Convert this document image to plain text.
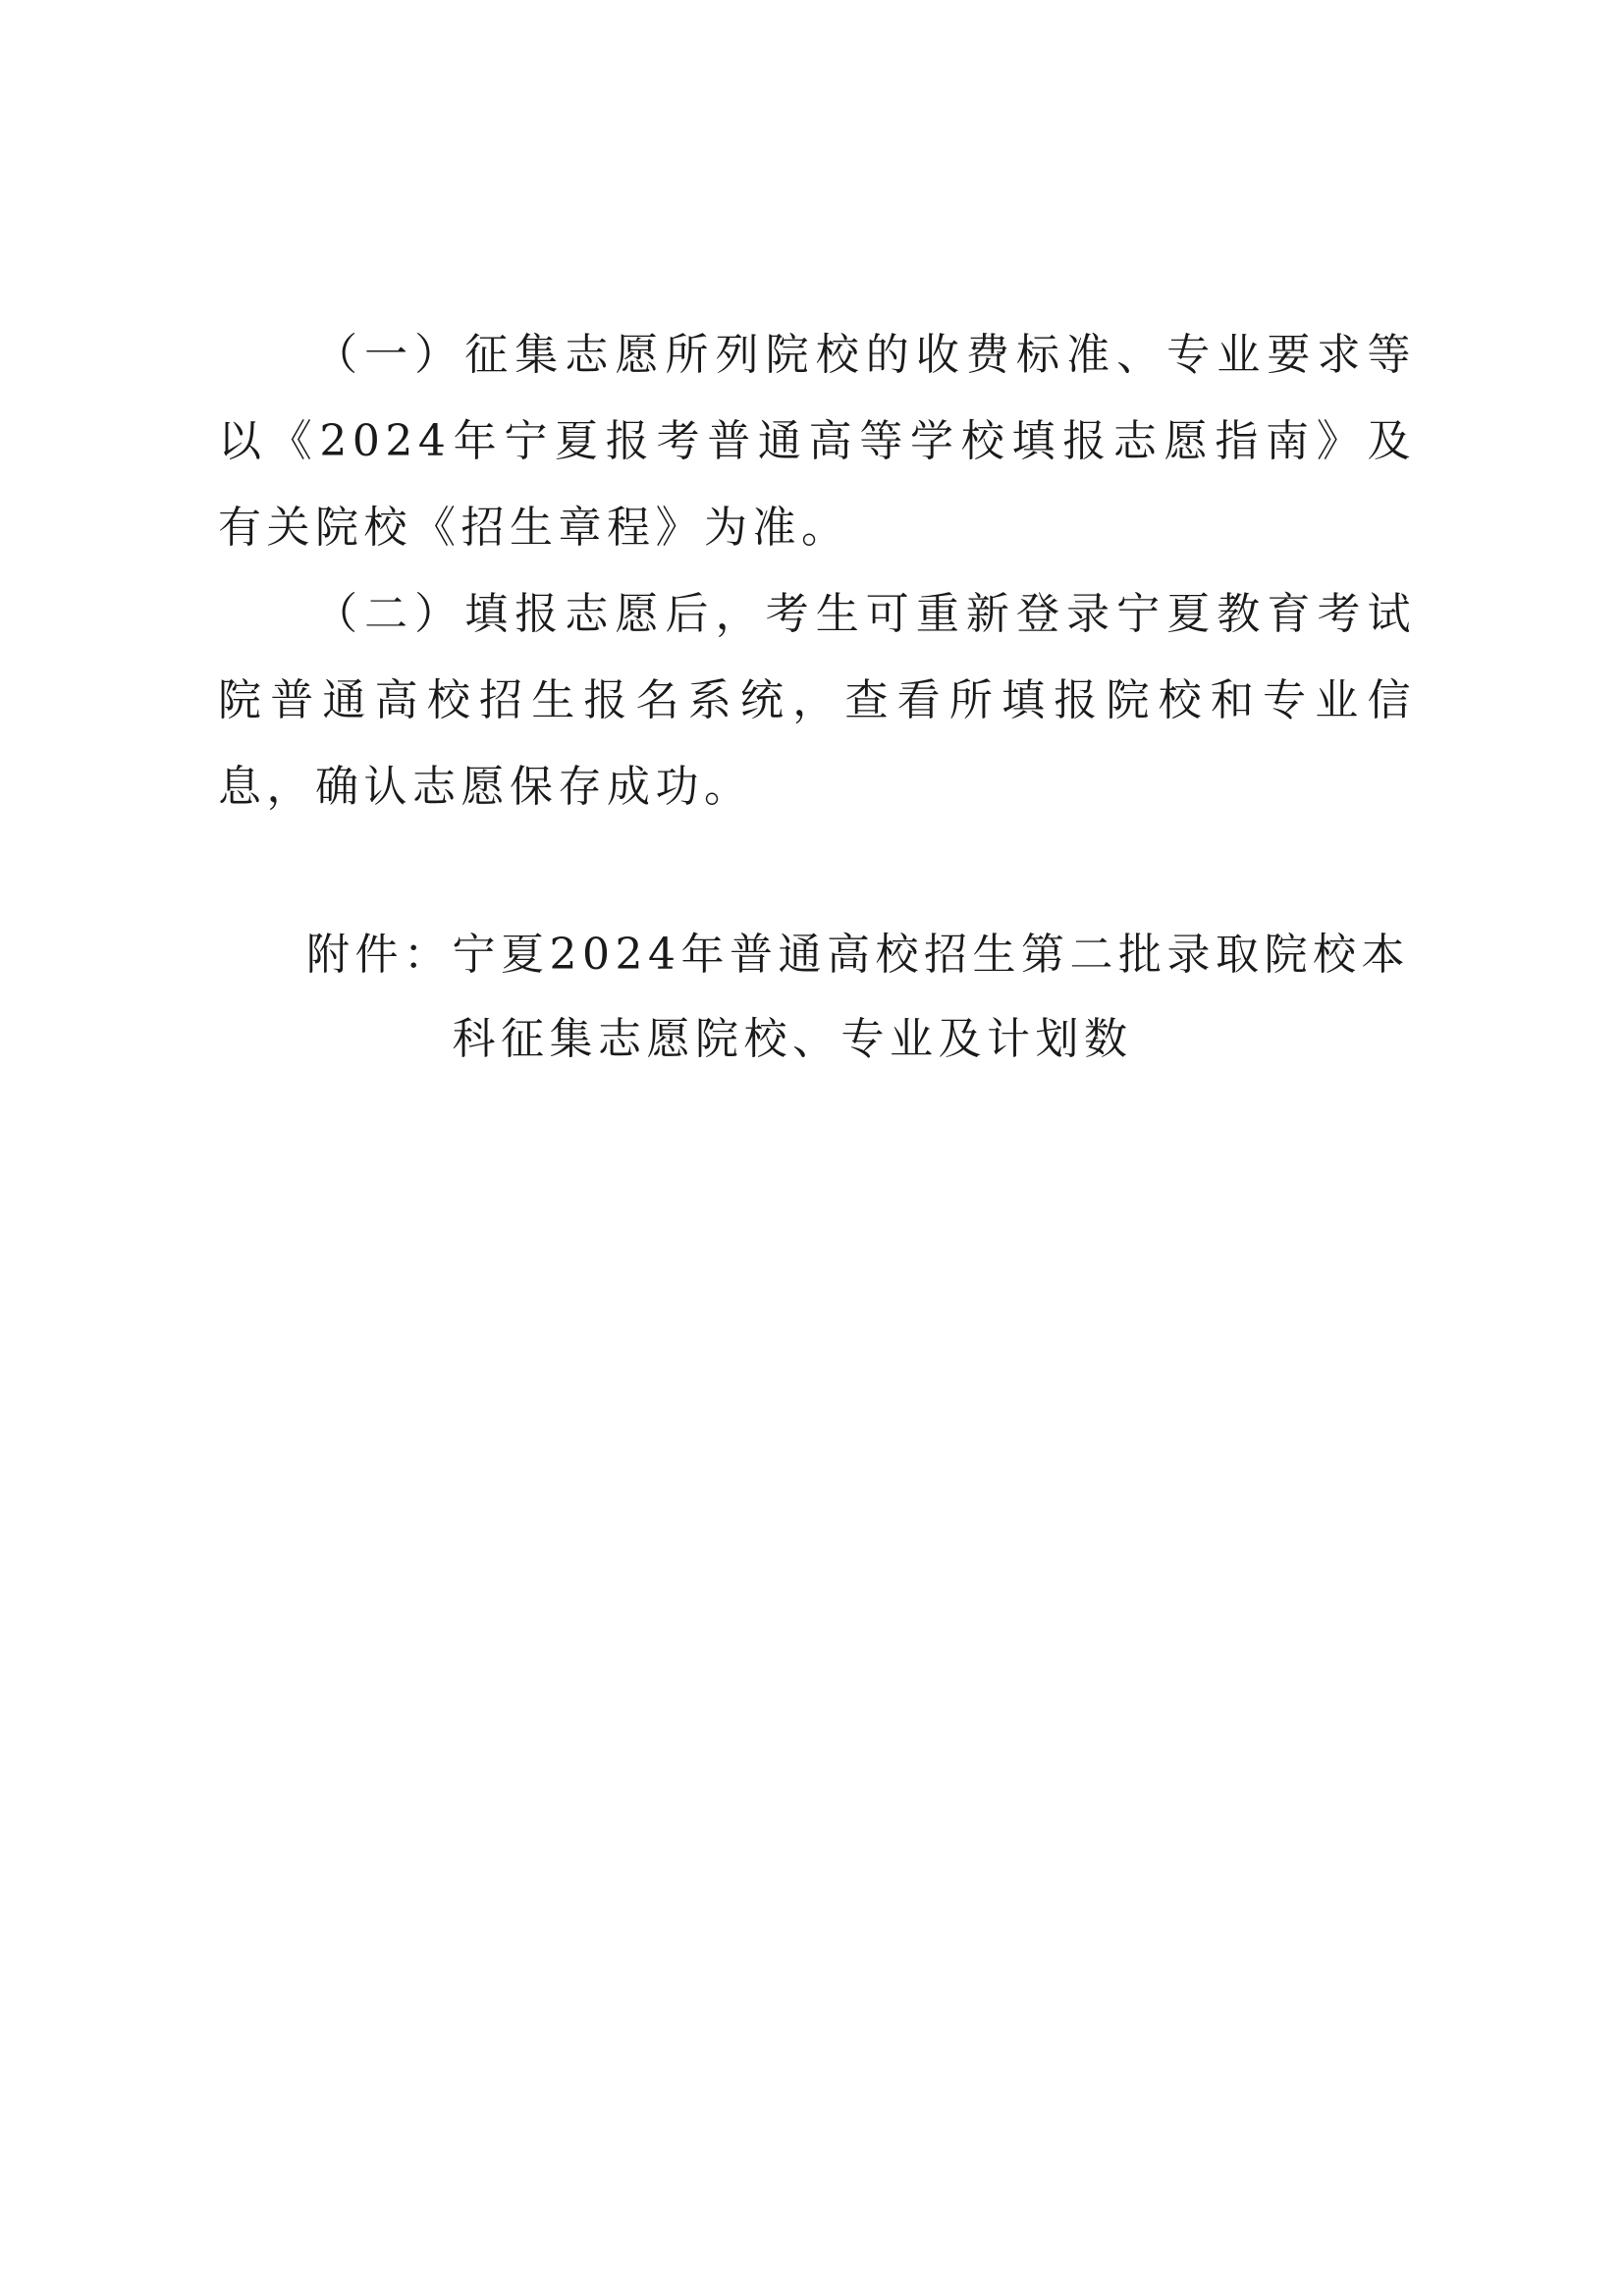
（一）征集志愿所列院校的收费标准、专业要求等以《2024年宁夏报考普通高等学校填报志愿指南》及有关院校《招生章程》为准。

（二）填报志愿后，考生可重新登录宁夏教育考试院普通高校招生报名系统，查看所填报院校和专业信息，确认志愿保存成功。

附件： 宁夏2024年普通高校招生第二批录取院校本科征集志愿院校、专业及计划数
